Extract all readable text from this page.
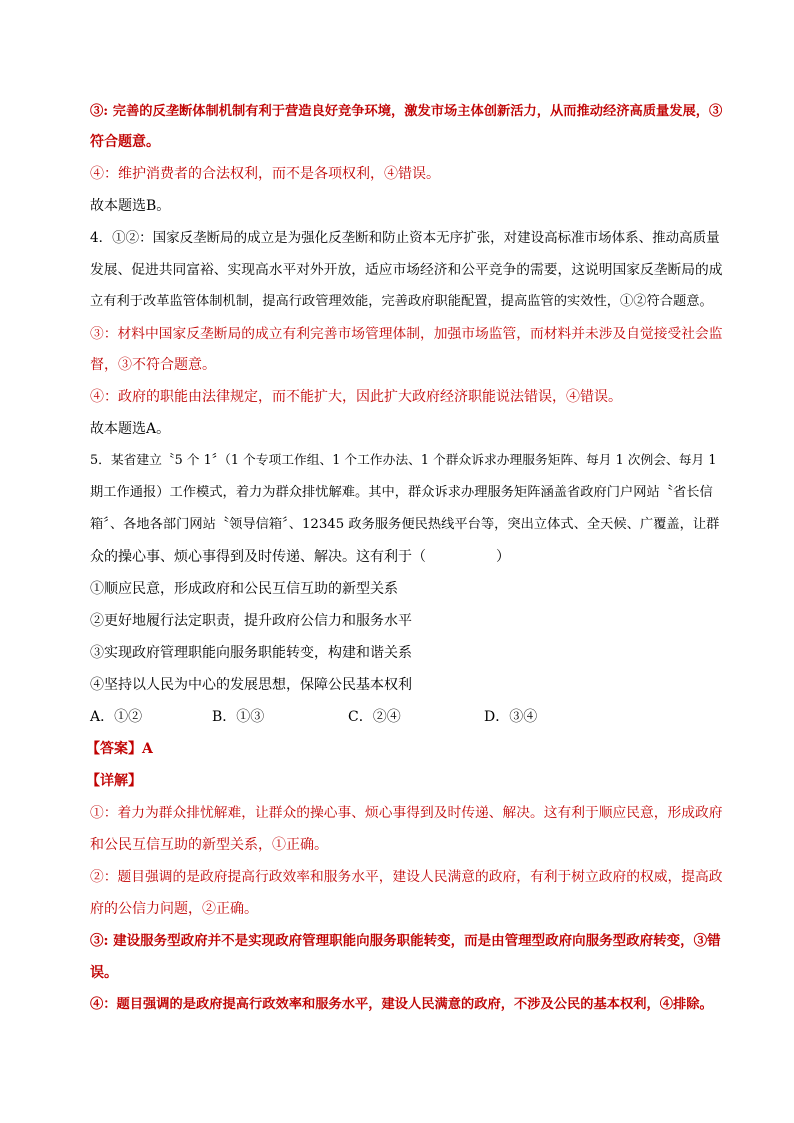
③: 完善的反垄断体制机制有利于营造良好竞争环境，激发市场主体创新活力，从而推动经济高质量发展，③
符合题意。
④：维护消费者的合法权利，而不是各项权利，④错误。
故本题选B。
4．①②：国家反垄断局的成立是为强化反垄断和防止资本无序扩张，对建设高标准市场体系、推动高质量
发展、促进共同富裕、实现高水平对外开放，适应市场经济和公平竞争的需要，这说明国家反垄断局的成
立有利于改革监管体制机制，提高行政管理效能，完善政府职能配置，提高监管的实效性，①②符合题意。
③：材料中国家反垄断局的成立有利完善市场管理体制，加强市场监管，而材料并未涉及自觉接受社会监
督，③不符合题意。
④：政府的职能由法律规定，而不能扩大，因此扩大政府经济职能说法错误，④错误。
故本题选A。
5．某省建立〝5 个 1〞（1 个专项工作组、1 个工作办法、1 个群众诉求办理服务矩阵、每月 1 次例会、每月 1
期工作通报）工作模式，着力为群众排忧解难。其中，群众诉求办理服务矩阵涵盖省政府门户网站〝省长信
箱〞、各地各部门网站〝领导信箱〞、12345 政务服务便民热线平台等，突出立体式、全天候、广覆盖，让群
众的操心事、烦心事得到及时传递、解决。这有利于（　　　　　）
①顺应民意，形成政府和公民互信互助的新型关系
②更好地履行法定职责，提升政府公信力和服务水平
③实现政府管理职能向服务职能转变，构建和谐关系
④坚持以人民为中心的发展思想，保障公民基本权利
A．①②	B．①③	C．②④	D．③④
【答案】A
【详解】
①：着力为群众排忧解难，让群众的操心事、烦心事得到及时传递、解决。这有利于顺应民意，形成政府
和公民互信互助的新型关系，①正确。
②：题目强调的是政府提高行政效率和服务水平，建设人民满意的政府，有利于树立政府的权威，提高政
府的公信力问题，②正确。
③: 建设服务型政府并不是实现政府管理职能向服务职能转变，而是由管理型政府向服务型政府转变，③错
误。
④：题目强调的是政府提高行政效率和服务水平，建设人民满意的政府，不涉及公民的基本权利，④排除。
